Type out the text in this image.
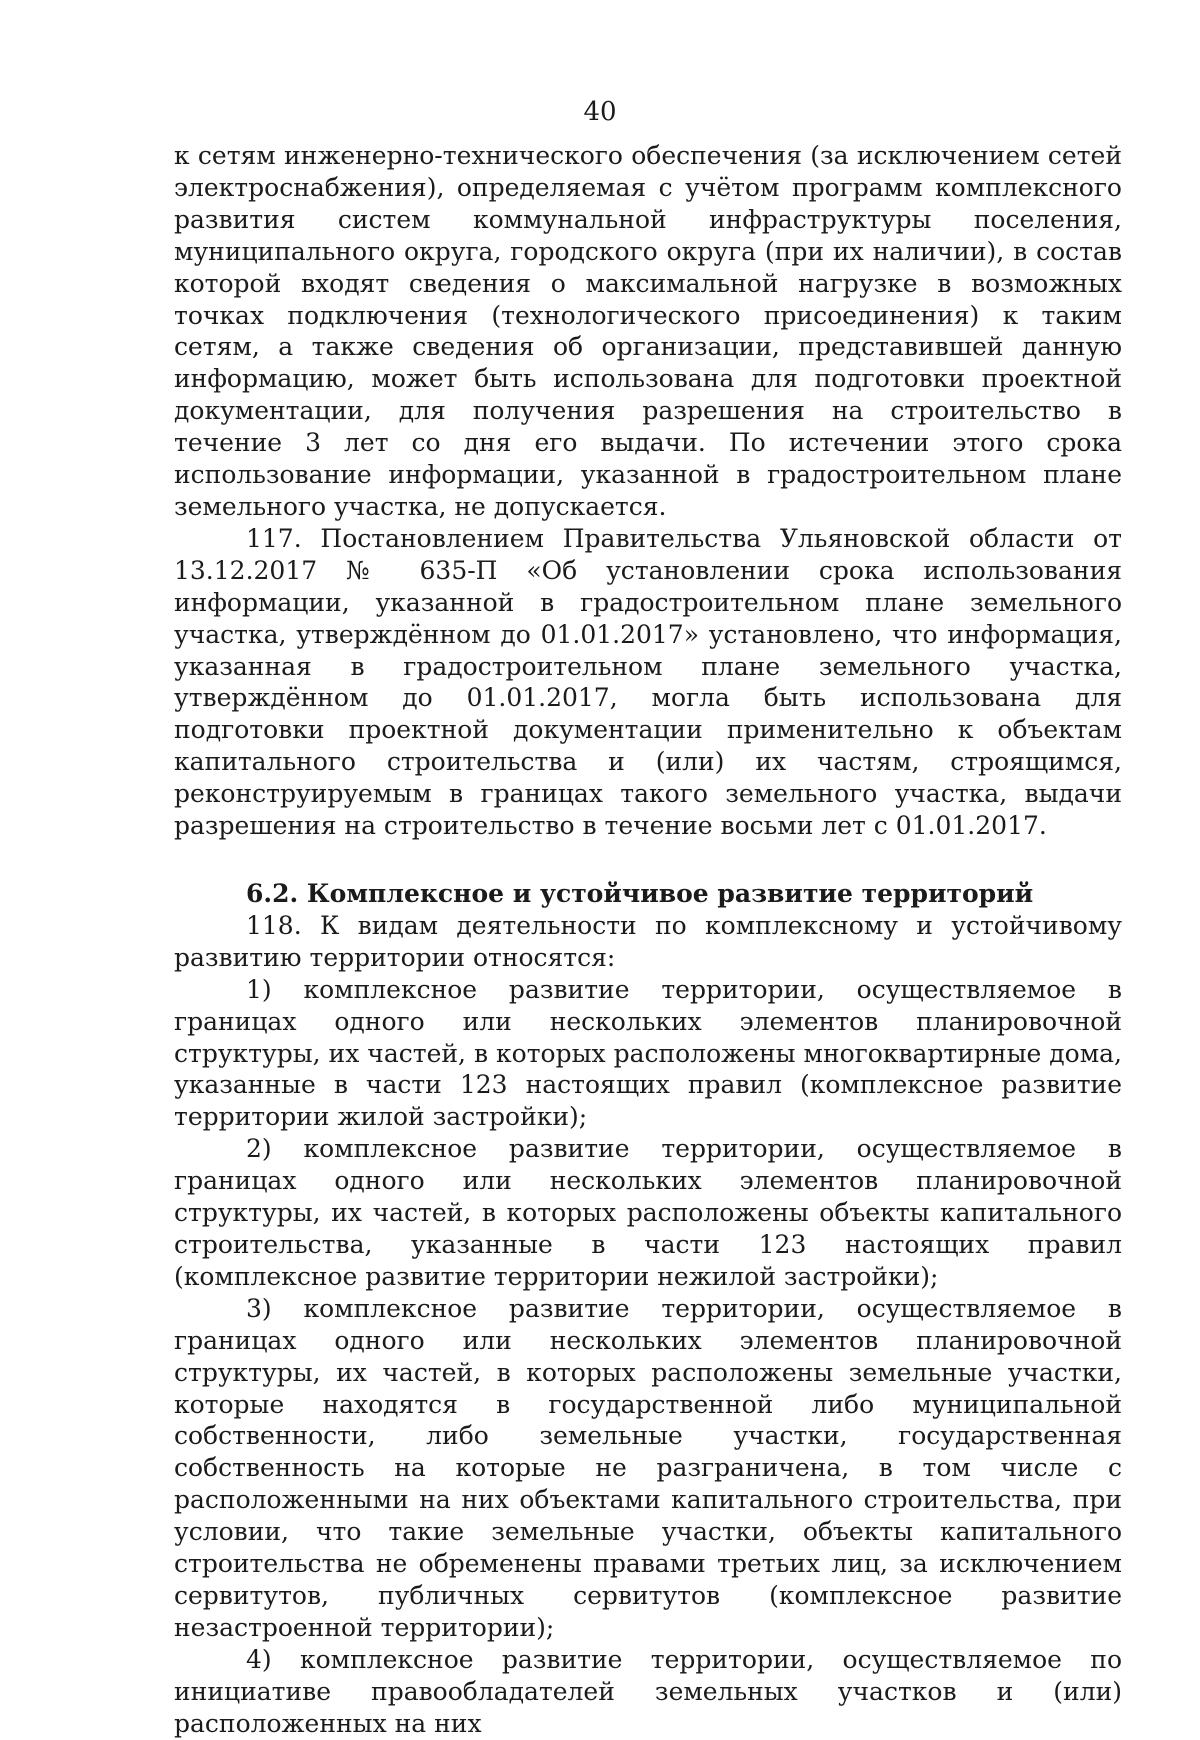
40

к сетям инженерно-технического обеспечения (за исключением сетей электроснабжения), определяемая с учётом программ комплексного развития систем коммунальной инфраструктуры поселения, муниципального округа, городского округа (при их наличии), в состав которой входят сведения о максимальной нагрузке в возможных точках подключения (технологического присоединения) к таким сетям, а также сведения об организации, представившей данную информацию, может быть использована для подготовки проектной документации, для получения разрешения на строительство в течение 3 лет со дня его выдачи. По истечении этого срока использование информации, указанной в градостроительном плане земельного участка, не допускается.

117. Постановлением Правительства Ульяновской области от 13.12.2017 № 635-П «Об установлении срока использования информации, указанной в градостроительном плане земельного участка, утверждённом до 01.01.2017» установлено, что информация, указанная в градостроительном плане земельного участка, утверждённом до 01.01.2017, могла быть использована для подготовки проектной документации применительно к объектам капитального строительства и (или) их частям, строящимся, реконструируемым в границах такого земельного участка, выдачи разрешения на строительство в течение восьми лет с 01.01.2017.

6.2. Комплексное и устойчивое развитие территорий

118. К видам деятельности по комплексному и устойчивому развитию территории относятся:

1) комплексное развитие территории, осуществляемое в границах одного или нескольких элементов планировочной структуры, их частей, в которых расположены многоквартирные дома, указанные в части 123 настоящих правил (комплексное развитие территории жилой застройки);

2) комплексное развитие территории, осуществляемое в границах одного или нескольких элементов планировочной структуры, их частей, в которых расположены объекты капитального строительства, указанные в части 123 настоящих правил (комплексное развитие территории нежилой застройки);

3) комплексное развитие территории, осуществляемое в границах одного или нескольких элементов планировочной структуры, их частей, в которых расположены земельные участки, которые находятся в государственной либо муниципальной собственности, либо земельные участки, государственная собственность на которые не разграничена, в том числе с расположенными на них объектами капитального строительства, при условии, что такие земельные участки, объекты капитального строительства не обременены правами третьих лиц, за исключением сервитутов, публичных сервитутов (комплексное развитие незастроенной территории);

4) комплексное развитие территории, осуществляемое по инициативе правообладателей земельных участков и (или) расположенных на них
